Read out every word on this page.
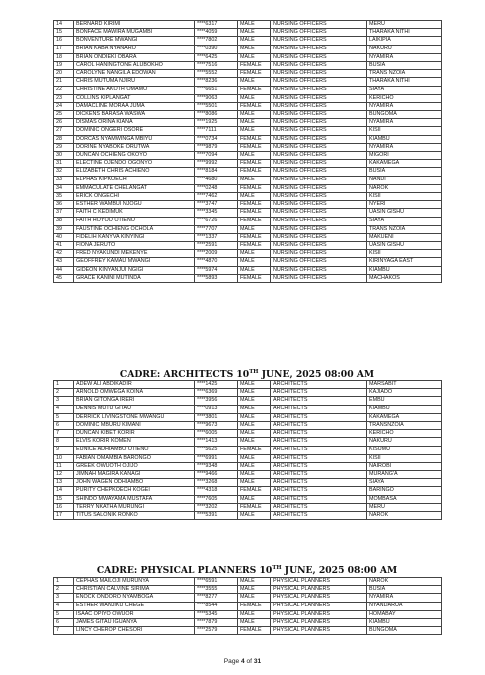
14	BERNARD KIRIMI	****6317	MALE	NURSING OFFICERS	MERU
15	BONFACE MAWIRA MUGAMBI	****4059	MALE	NURSING OFFICERS	THARAKA NITHI
16	BONVENTURE MWANGI	****7802	MALE	NURSING OFFICERS	LAIKIPIA
17	BRIAN KABA NYANARO	****0390	MALE	NURSING OFFICERS	NAKURU
18	BRIAN ONDIEKI OBARA	****6425	MALE	NURSING OFFICERS	NYAMIRA
19	CAROL HANINGTONE ALUBOKHO	****7516	FEMALE	NURSING OFFICERS	BUSIA
20	CAROLYNE NANGILA EDOWAN	****5552	FEMALE	NURSING OFFICERS	TRANS NZOIA
21	CHRIS MUTUMA NJIRU	****8236	MALE	NURSING OFFICERS	THARAKA NITHI
22	CHRISTINE AKOTH OMAMO	****6651	FEMALE	NURSING OFFICERS	SIAYA
23	COLLINS KIPLANGAT	****9063	MALE	NURSING OFFICERS	KERICHO
24	DAMACLINE MORAA JUMA	****5501	FEMALE	NURSING OFFICERS	NYAMIRA
25	DICKENS BARASA WASWA	****8086	MALE	NURSING OFFICERS	BUNGOMA
26	DISMAS ORINA KIANA	****1925	MALE	NURSING OFFICERS	NYAMIRA
27	DOMINIC ONGERI OSORE	****7111	MALE	NURSING OFFICERS	KISII
28	DORCAS NYAMWINGA MBIYU	****0734	FEMALE	NURSING OFFICERS	KIAMBU
29	DORINE NYABOKE ORUTWA	****9879	FEMALE	NURSING OFFICERS	NYAMIRA
30	DUNCAN OCHIENG OKOYO	****7094	MALE	NURSING OFFICERS	MIGORI
31	ELECTINE OJENDO OGONYO	****9992	FEMALE	NURSING OFFICERS	KAKAMEGA
32	ELIZABETH CHRIS ACHIENO	****8184	FEMALE	NURSING OFFICERS	BUSIA
33	ELPHAS KIPKOECH	****4680	MALE	NURSING OFFICERS	NANDI
34	EMMACULATE CHELANGAT	****0248	FEMALE	NURSING OFFICERS	NAROK
35	ERICK ONGECHI	****7462	MALE	NURSING OFFICERS	KISII
36	ESTHER WAMBUI NJOGU	****3747	FEMALE	NURSING OFFICERS	NYERI
37	FAITH C KEDIMUK	****3345	FEMALE	NURSING OFFICERS	UASIN GISHU
38	FAITH HOYOO OTIENO	****6726	FEMALE	NURSING OFFICERS	SIAYA
39	FAUSTINE OCHIENG OCHOLA	****7707	MALE	NURSING OFFICERS	TRANS NZOIA
40	FIDELIH KANYVA KINYINGI	****1337	FEMALE	NURSING OFFICERS	MAKUENI
41	FIONA JERUTO	****2591	FEMALE	NURSING OFFICERS	UASIN GISHU
42	FRED NYAKUNDI MEKENYE	****2009	MALE	NURSING OFFICERS	KISII
43	GEOFFREY KAMAU MWANGI	****4870	MALE	NURSING OFFICERS	KIRINYAGA EAST
44	GIDEON KINYANJUI NGIGI	****5974	MALE	NURSING OFFICERS	KIAMBU
45	GRACE KANINI MUTINDA	****5893	FEMALE	NURSING OFFICERS	MACHAKOS
CADRE: ARCHITECTS 10TH JUNE, 2025 08:00 AM
1	ADEW ALI ABDIKADIR	****1425	MALE	ARCHITECTS	MARSABIT
2	ARNOLD OMWEGA KOINA	****6369	MALE	ARCHITECTS	KAJIADO
3	BRIAN GITONGA IRERI	****3956	MALE	ARCHITECTS	EMBU
4	DENNIS MUTU GITAU	****0913	MALE	ARCHITECTS	KIAMBU
5	DERRICK LIVINGSTONE MWANGU	****3801	MALE	ARCHITECTS	KAKAMEGA
6	DOMINIC MBURU KIMANI	****9673	MALE	ARCHITECTS	TRANSNZOIA
7	DUNCAN KIBET KORIR	****6005	MALE	ARCHITECTS	KERICHO
8	ELVIS KORIR KOMEN	****1413	MALE	ARCHITECTS	NAKURU
9	EUNICE ADHIAMBO OTIENO	****5625	FEMALE	ARCHITECTS	KISUMU
10	FABIAN OMAMBIA BARONGO	****6991	MALE	ARCHITECTS	KISII
11	GREEK OWUOTH OJIJO	****9348	MALE	ARCHITECTS	NAIROBI
12	JIMNAH MAGIRA KANAGI	****9466	MALE	ARCHITECTS	MURANG'A
13	JOHN WAGEN ODHIAMBO	****3268	MALE	ARCHITECTS	SIAYA
14	PURITY CHEPKOECH KOGEI	****4318	FEMALE	ARCHITECTS	BARINGO
15	SHINDO MWAYAMA MUSTAFA	****7605	MALE	ARCHITECTS	MOMBASA
16	TERRY NKATHA MURUNGI	****3202	FEMALE	ARCHITECTS	MERU
17	TITUS SALONIK RONKO	****5391	MALE	ARCHITECTS	NAROK
CADRE: PHYSICAL PLANNERS 10TH JUNE, 2025 08:00 AM
1	CEPHAS MAILOJI MURUNYA	****6591	MALE	PHYSICAL PLANNERS	NAROK
2	CHRISTIAN CALVINE SIRIMA	****3555	MALE	PHYSICAL PLANNERS	BUSIA
3	ENOCK ONDORO NYAMBOGA	****8277	MALE	PHYSICAL PLANNERS	NYAMIRA
4	ESTHER WANJIKU CHEGE	****8544	FEMALE	PHYSICAL PLANNERS	NYANDARUA
5	ISAAC OPIYO OWUOR	****5345	MALE	PHYSICAL PLANNERS	HOMABAY
6	JAMES GITAU IGUANYA	****7879	MALE	PHYSICAL PLANNERS	KIAMBU
7	LINCY CHEROP CHESORI	****2579	FEMALE	PHYSICAL PLANNERS	BUNGOMA
Page 4 of 31
